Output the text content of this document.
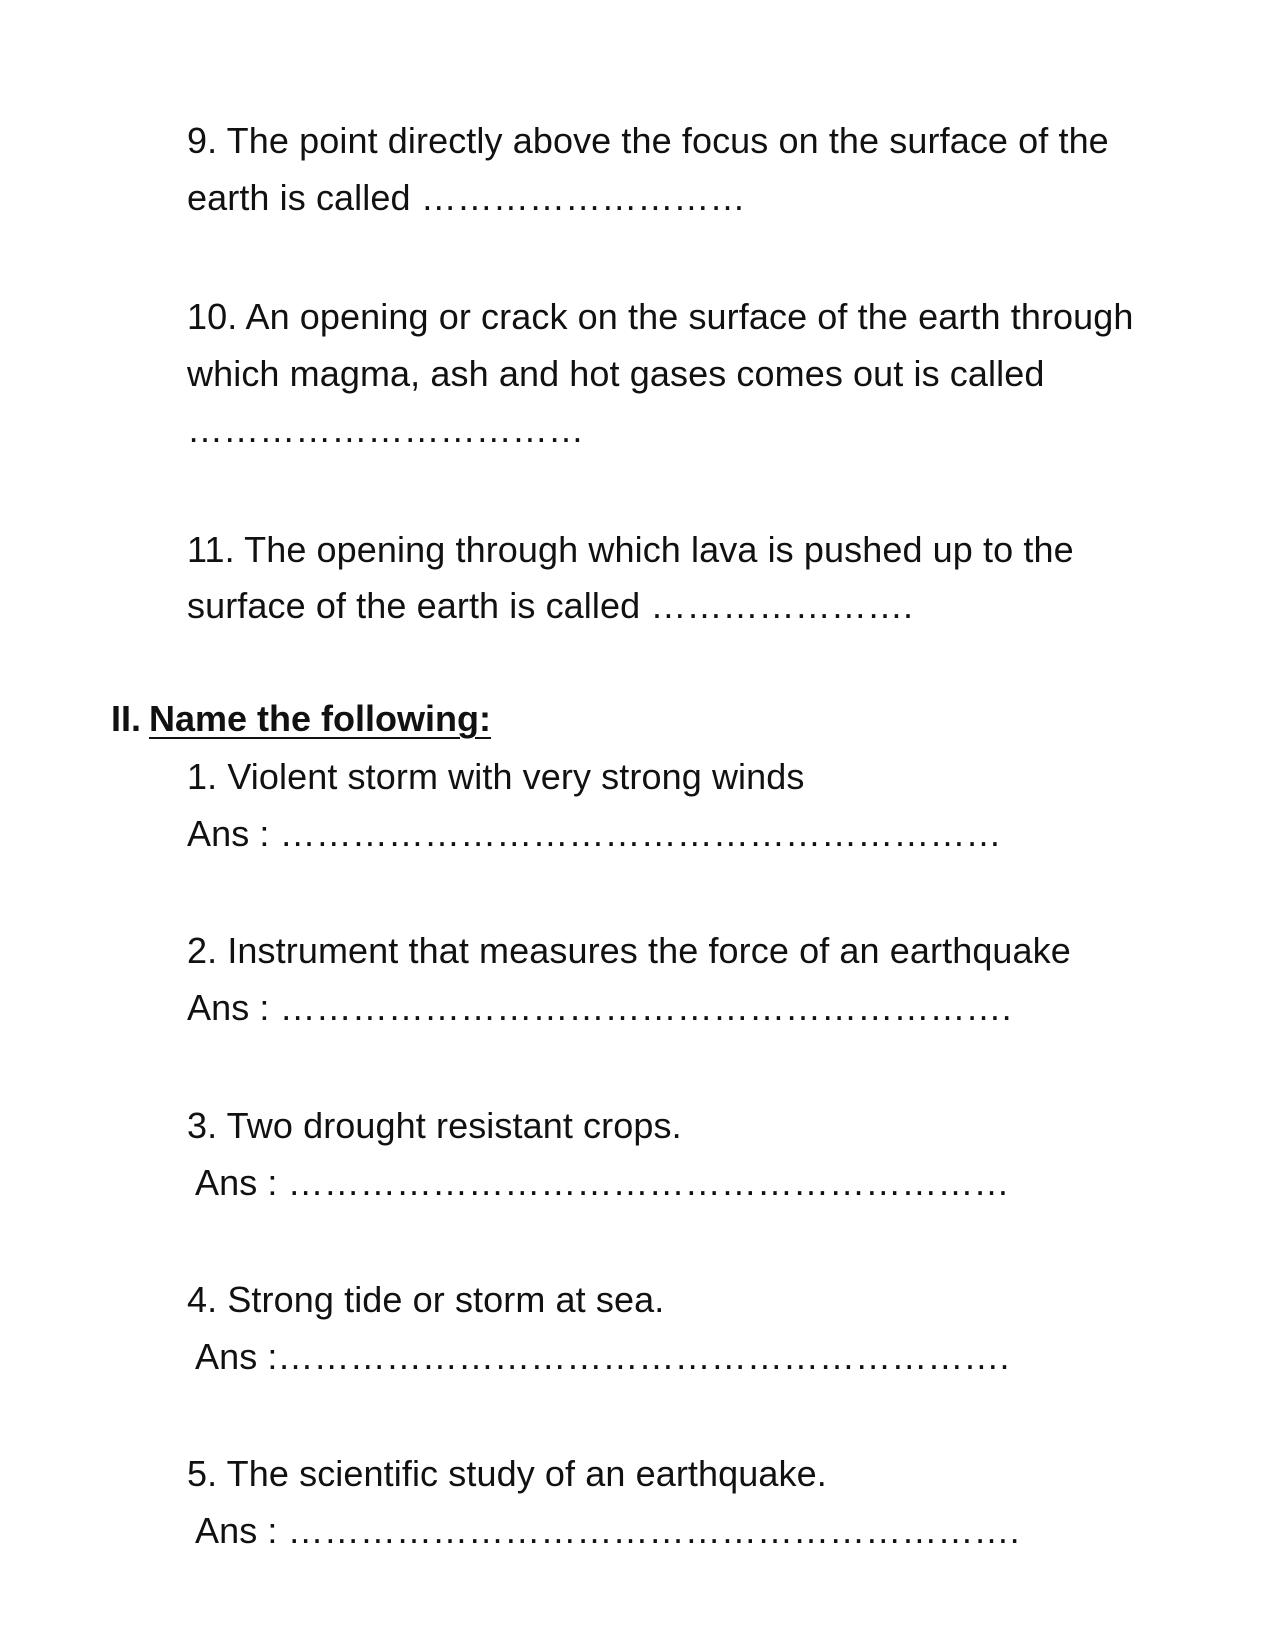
9. The point directly above the focus on the surface of the
earth is called ………………………
10. An opening or crack on the surface of the earth through
which magma, ash and hot gases comes out is called
……………………………
11. The opening through which lava is pushed up to the
surface of the earth is called ………………….
II. Name the following:
1. Violent storm with very strong winds
Ans : ……………………………………………………
2. Instrument that measures the force of an earthquake
Ans : …………………………………………………….
3. Two drought resistant crops.
Ans : ……………………………………………………
4. Strong tide or storm at sea.
Ans :…………………………………………………….
5. The scientific study of an earthquake.
Ans : …………………………………………………….
